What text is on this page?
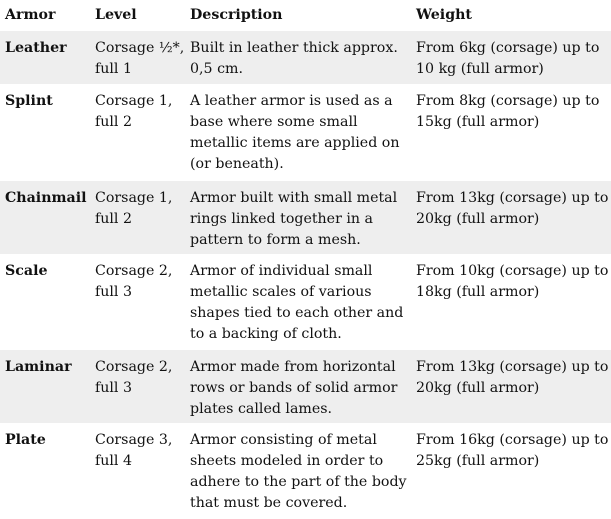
Armor	Level	Description	Weight
Leather	Corsage ½*, full 1	Built in leather thick approx. 0,5 cm.	From 6kg (corsage) up to 10 kg (full armor)
Splint	Corsage 1, full 2	A leather armor is used as a base where some small metallic items are applied on (or beneath).	From 8kg (corsage) up to 15kg (full armor)
Chainmail	Corsage 1, full 2	Armor built with small metal rings linked together in a pattern to form a mesh.	From 13kg (corsage) up to 20kg (full armor)
Scale	Corsage 2, full 3	Armor of individual small metallic scales of various shapes tied to each other and to a backing of cloth.	From 10kg (corsage) up to 18kg (full armor)
Laminar	Corsage 2, full 3	Armor made from horizontal rows or bands of solid armor plates called lames.	From 13kg (corsage) up to 20kg (full armor)
Plate	Corsage 3, full 4	Armor consisting of metal sheets modeled in order to adhere to the part of the body that must be covered.	From 16kg (corsage) up to 25kg (full armor)
